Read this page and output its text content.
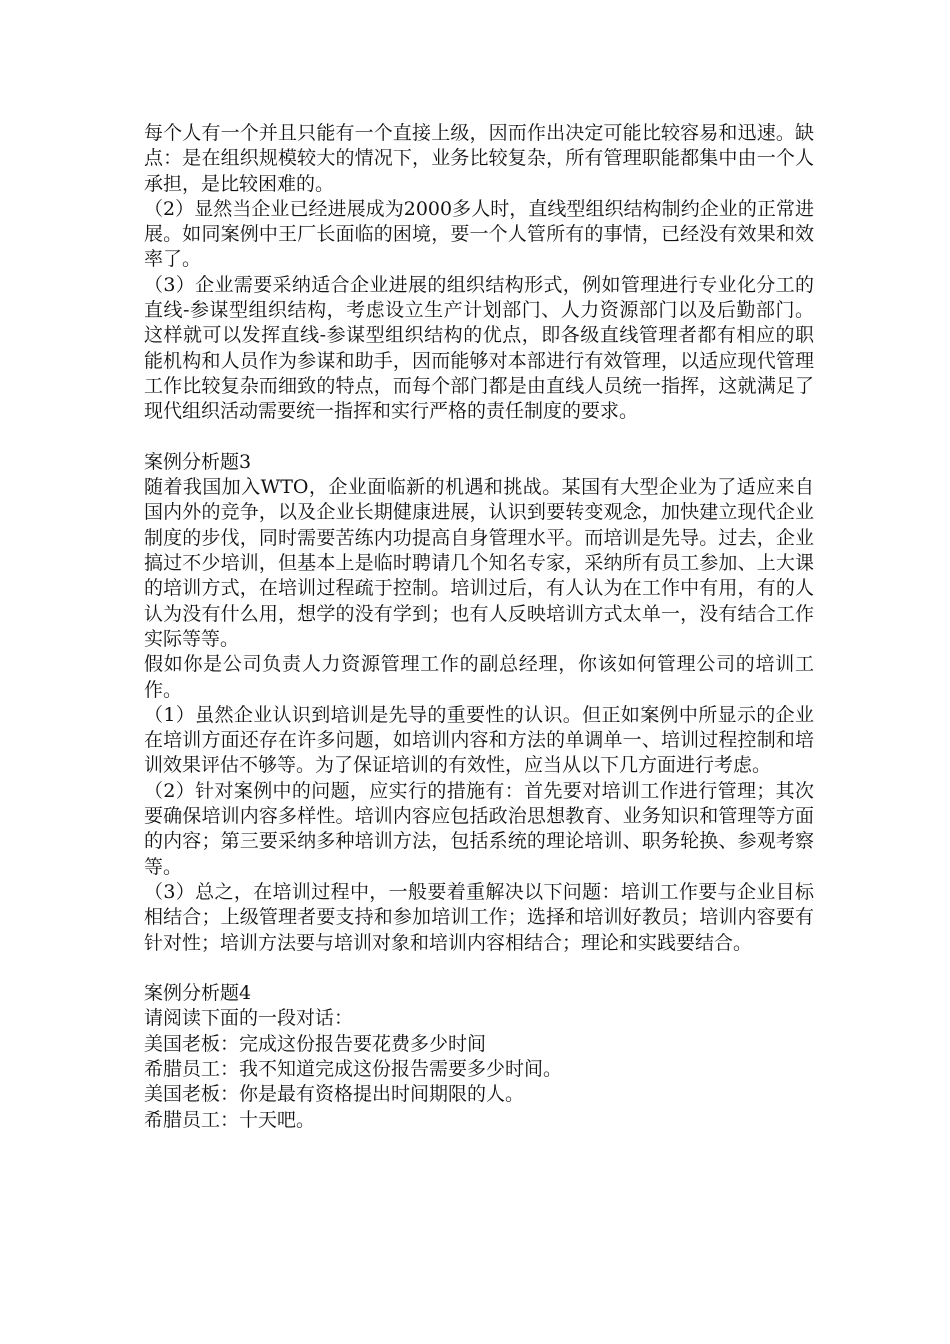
每个人有一个并且只能有一个直接上级，因而作出决定可能比较容易和迅速。缺点：是在组织规模较大的情况下，业务比较复杂，所有管理职能都集中由一个人承担，是比较困难的。

（2）显然当企业已经进展成为2000多人时，直线型组织结构制约企业的正常进展。如同案例中王厂长面临的困境，要一个人管所有的事情，已经没有效果和效率了。

（3）企业需要采纳适合企业进展的组织结构形式，例如管理进行专业化分工的直线-参谋型组织结构，考虑设立生产计划部门、人力资源部门以及后勤部门。这样就可以发挥直线-参谋型组织结构的优点，即各级直线管理者都有相应的职能机构和人员作为参谋和助手，因而能够对本部进行有效管理，以适应现代管理工作比较复杂而细致的特点，而每个部门都是由直线人员统一指挥，这就满足了现代组织活动需要统一指挥和实行严格的责任制度的要求。

案例分析题3

随着我国加入WTO，企业面临新的机遇和挑战。某国有大型企业为了适应来自国内外的竞争，以及企业长期健康进展，认识到要转变观念，加快建立现代企业制度的步伐，同时需要苦练内功提高自身管理水平。而培训是先导。过去，企业搞过不少培训，但基本上是临时聘请几个知名专家，采纳所有员工参加、上大课的培训方式，在培训过程疏于控制。培训过后，有人认为在工作中有用，有的人认为没有什么用，想学的没有学到；也有人反映培训方式太单一，没有结合工作实际等等。

假如你是公司负责人力资源管理工作的副总经理，你该如何管理公司的培训工作。

（1）虽然企业认识到培训是先导的重要性的认识。但正如案例中所显示的企业在培训方面还存在许多问题，如培训内容和方法的单调单一、培训过程控制和培训效果评估不够等。为了保证培训的有效性，应当从以下几方面进行考虑。

（2）针对案例中的问题，应实行的措施有：首先要对培训工作进行管理；其次要确保培训内容多样性。培训内容应包括政治思想教育、业务知识和管理等方面的内容；第三要采纳多种培训方法，包括系统的理论培训、职务轮换、参观考察等。

（3）总之，在培训过程中，一般要着重解决以下问题：培训工作要与企业目标相结合；上级管理者要支持和参加培训工作；选择和培训好教员；培训内容要有针对性；培训方法要与培训对象和培训内容相结合；理论和实践要结合。

案例分析题4

请阅读下面的一段对话：

美国老板：完成这份报告要花费多少时间

希腊员工：我不知道完成这份报告需要多少时间。

美国老板：你是最有资格提出时间期限的人。

希腊员工：十天吧。
